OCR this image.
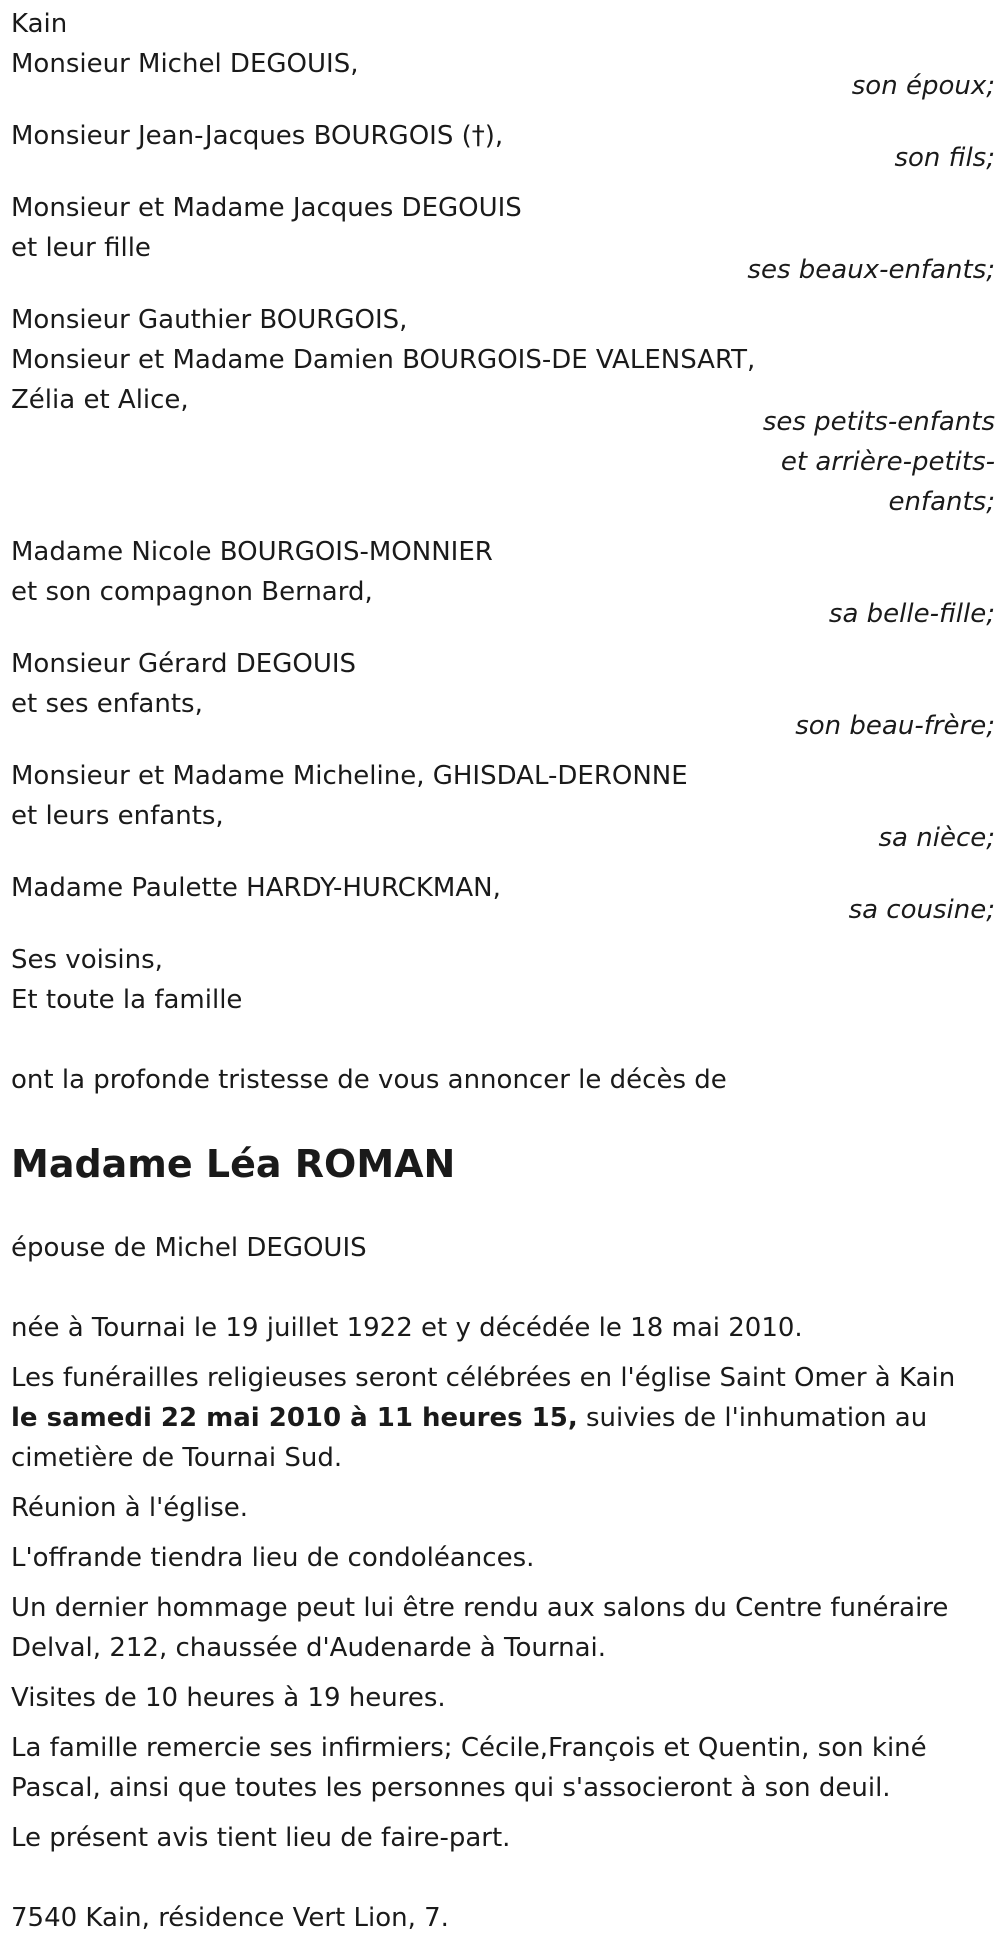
Kain
Monsieur Michel DEGOUIS,
son époux;
Monsieur Jean-Jacques BOURGOIS (†),
son fils;
Monsieur et Madame Jacques DEGOUIS
et leur fille
ses beaux-enfants;
Monsieur Gauthier BOURGOIS,
Monsieur et Madame Damien BOURGOIS-DE VALENSART,
Zélia et Alice,
ses petits-enfants
et arrière-petits-
enfants;
Madame Nicole BOURGOIS-MONNIER
et son compagnon Bernard,
sa belle-fille;
Monsieur Gérard DEGOUIS
et ses enfants,
son beau-frère;
Monsieur et Madame Micheline, GHISDAL-DERONNE
et leurs enfants,
sa nièce;
Madame Paulette HARDY-HURCKMAN,
sa cousine;
Ses voisins,
Et toute la famille
ont la profonde tristesse de vous annoncer le décès de
Madame Léa ROMAN
épouse de Michel DEGOUIS
née à Tournai le 19 juillet 1922 et y décédée le 18 mai 2010.
Les funérailles religieuses seront célébrées en l'église Saint Omer à Kain
le samedi 22 mai 2010 à 11 heures 15, suivies de l'inhumation au
cimetière de Tournai Sud.
Réunion à l'église.
L'offrande tiendra lieu de condoléances.
Un dernier hommage peut lui être rendu aux salons du Centre funéraire
Delval, 212, chaussée d'Audenarde à Tournai.
Visites de 10 heures à 19 heures.
La famille remercie ses infirmiers; Cécile,François et Quentin, son kiné
Pascal, ainsi que toutes les personnes qui s'associeront à son deuil.
Le présent avis tient lieu de faire-part.
7540 Kain, résidence Vert Lion, 7.
